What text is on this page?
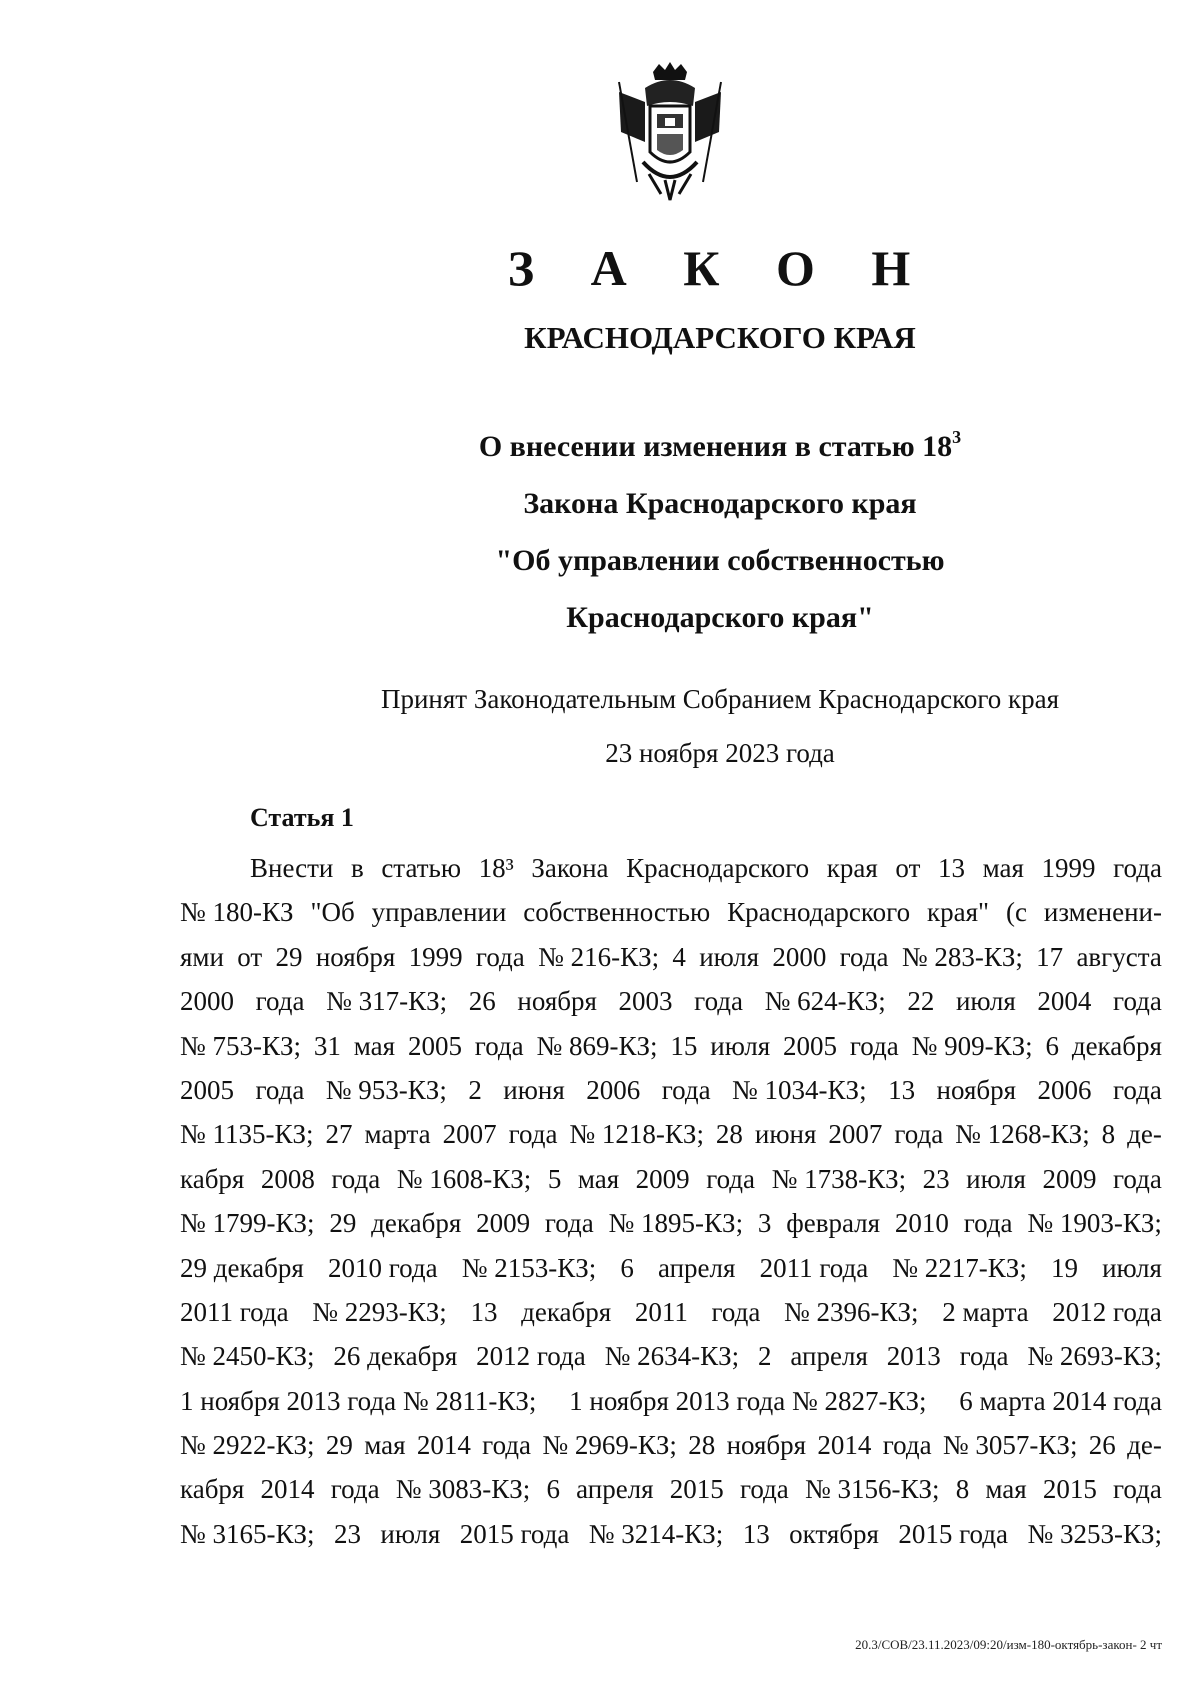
З А К О Н
КРАСНОДАРСКОГО КРАЯ
О внесении изменения в статью $18^3$
Закона Краснодарского края
"Об управлении собственностью
Краснодарского края"
Принят Законодательным Собранием Краснодарского края
23 ноября 2023 года
Статья 1
Внести в статью 18³ Закона Краснодарского края от 13 мая 1999 года
№ 180-КЗ "Об управлении собственностью Краснодарского края" (с изменени-
ями от 29 ноября 1999 года № 216-КЗ; 4 июля 2000 года № 283-КЗ; 17 августа
2000 года № 317-КЗ; 26 ноября 2003 года № 624-КЗ; 22 июля 2004 года
№ 753-КЗ; 31 мая 2005 года № 869-КЗ; 15 июля 2005 года № 909-КЗ; 6 декабря
2005 года № 953-КЗ; 2 июня 2006 года № 1034-КЗ; 13 ноября 2006 года
№ 1135-КЗ; 27 марта 2007 года № 1218-КЗ; 28 июня 2007 года № 1268-КЗ; 8 де-
кабря 2008 года № 1608-КЗ; 5 мая 2009 года № 1738-КЗ; 23 июля 2009 года
№ 1799-КЗ; 29 декабря 2009 года № 1895-КЗ; 3 февраля 2010 года № 1903-КЗ;
29 декабря 2010 года № 2153-КЗ; 6 апреля 2011 года № 2217-КЗ; 19 июля
2011 года № 2293-КЗ; 13 декабря 2011 года № 2396-КЗ; 2 марта 2012 года
№ 2450-КЗ; 26 декабря 2012 года № 2634-КЗ; 2 апреля 2013 года № 2693-КЗ;
1 ноября 2013 года № 2811-КЗ; 1 ноября 2013 года № 2827-КЗ; 6 марта 2014 года
№ 2922-КЗ; 29 мая 2014 года № 2969-КЗ; 28 ноября 2014 года № 3057-КЗ; 26 де-
кабря 2014 года № 3083-КЗ; 6 апреля 2015 года № 3156-КЗ; 8 мая 2015 года
№ 3165-КЗ; 23 июля 2015 года № 3214-КЗ; 13 октября 2015 года № 3253-КЗ;
20.3/СОВ/23.11.2023/09:20/изм-180-октябрь-закон- 2 чт
